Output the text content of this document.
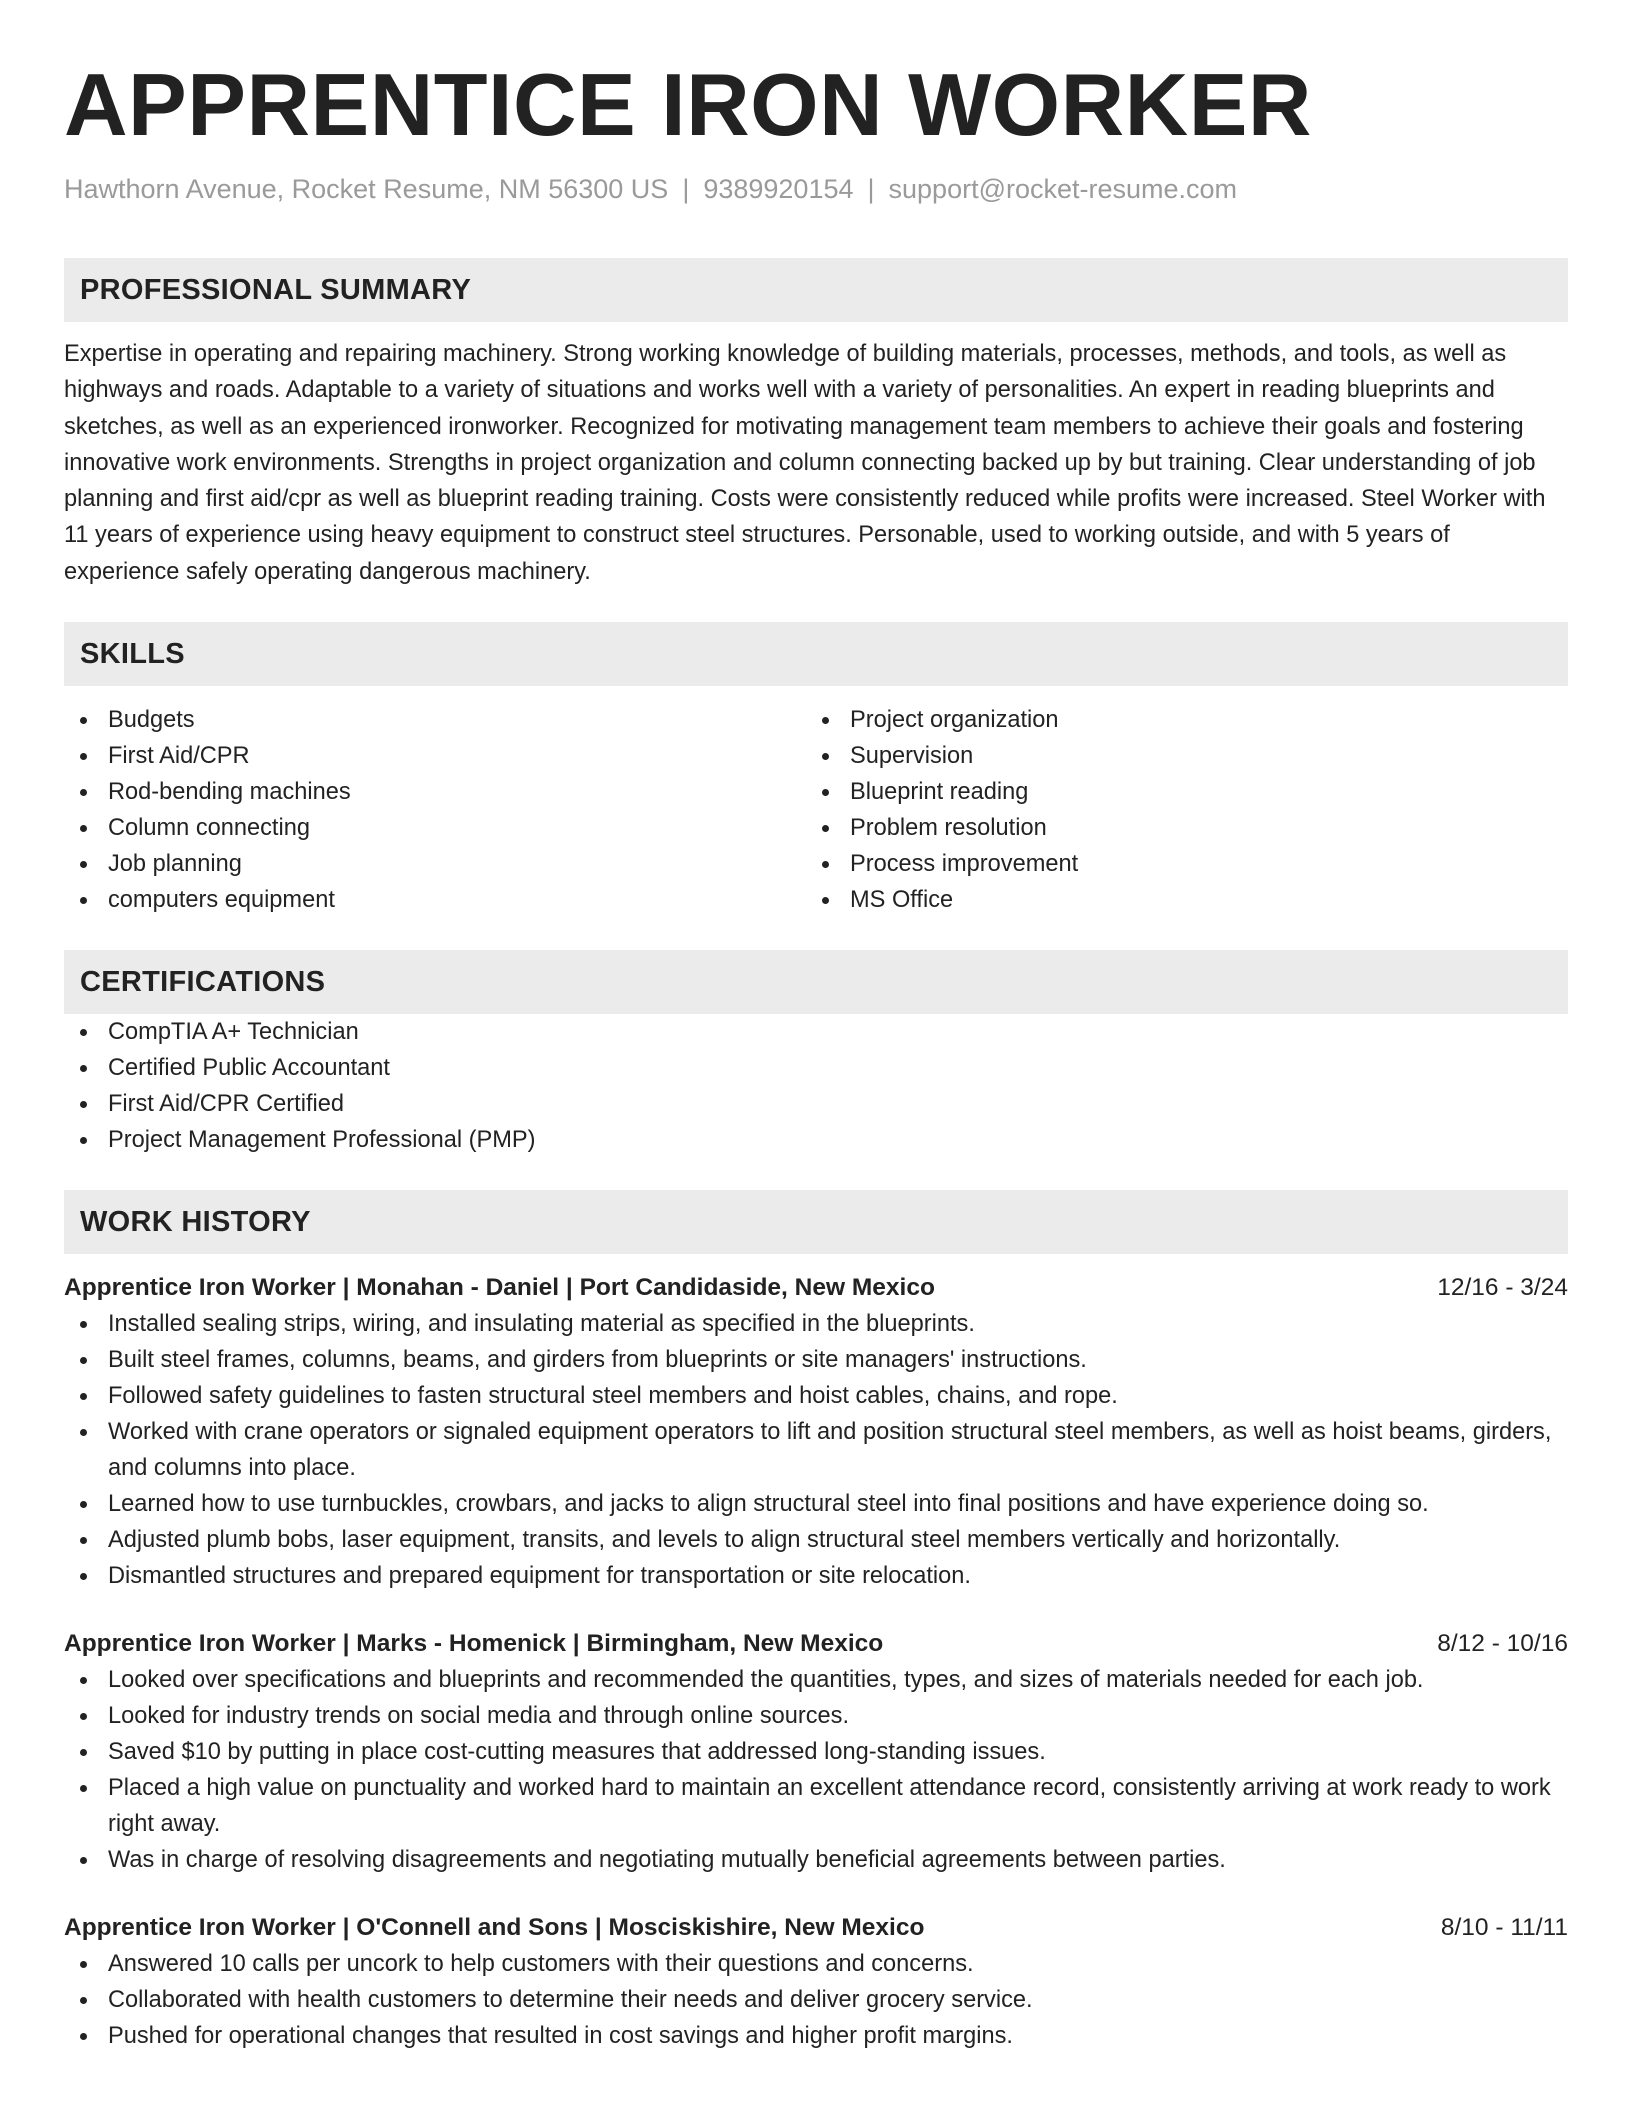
APPRENTICE IRON WORKER
Hawthorn Avenue, Rocket Resume, NM 56300 US | 9389920154 | support@rocket-resume.com
PROFESSIONAL SUMMARY
Expertise in operating and repairing machinery. Strong working knowledge of building materials, processes, methods, and tools, as well as highways and roads. Adaptable to a variety of situations and works well with a variety of personalities. An expert in reading blueprints and sketches, as well as an experienced ironworker. Recognized for motivating management team members to achieve their goals and fostering innovative work environments. Strengths in project organization and column connecting backed up by but training. Clear understanding of job planning and first aid/cpr as well as blueprint reading training. Costs were consistently reduced while profits were increased. Steel Worker with 11 years of experience using heavy equipment to construct steel structures. Personable, used to working outside, and with 5 years of experience safely operating dangerous machinery.
SKILLS
Budgets
First Aid/CPR
Rod-bending machines
Column connecting
Job planning
computers equipment
Project organization
Supervision
Blueprint reading
Problem resolution
Process improvement
MS Office
CERTIFICATIONS
CompTIA A+ Technician
Certified Public Accountant
First Aid/CPR Certified
Project Management Professional (PMP)
WORK HISTORY
Apprentice Iron Worker | Monahan - Daniel | Port Candidaside, New Mexico	12/16 - 3/24
Installed sealing strips, wiring, and insulating material as specified in the blueprints.
Built steel frames, columns, beams, and girders from blueprints or site managers' instructions.
Followed safety guidelines to fasten structural steel members and hoist cables, chains, and rope.
Worked with crane operators or signaled equipment operators to lift and position structural steel members, as well as hoist beams, girders, and columns into place.
Learned how to use turnbuckles, crowbars, and jacks to align structural steel into final positions and have experience doing so.
Adjusted plumb bobs, laser equipment, transits, and levels to align structural steel members vertically and horizontally.
Dismantled structures and prepared equipment for transportation or site relocation.
Apprentice Iron Worker | Marks - Homenick | Birmingham, New Mexico	8/12 - 10/16
Looked over specifications and blueprints and recommended the quantities, types, and sizes of materials needed for each job.
Looked for industry trends on social media and through online sources.
Saved $10 by putting in place cost-cutting measures that addressed long-standing issues.
Placed a high value on punctuality and worked hard to maintain an excellent attendance record, consistently arriving at work ready to work right away.
Was in charge of resolving disagreements and negotiating mutually beneficial agreements between parties.
Apprentice Iron Worker | O'Connell and Sons | Mosciskishire, New Mexico	8/10 - 11/11
Answered 10 calls per uncork to help customers with their questions and concerns.
Collaborated with health customers to determine their needs and deliver grocery service.
Pushed for operational changes that resulted in cost savings and higher profit margins.
